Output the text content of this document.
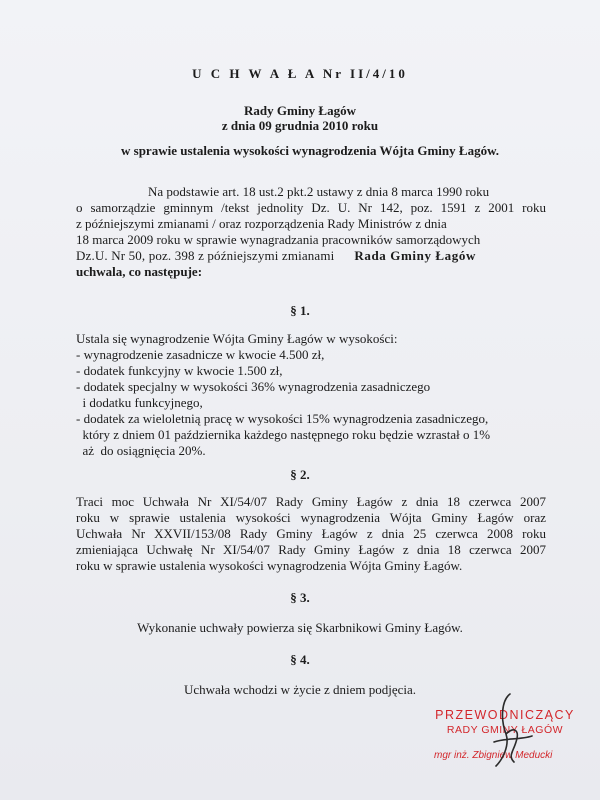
U C H W A Ł A Nr II/4/10
Rady Gminy Łagów
z dnia 09 grudnia 2010 roku
w sprawie ustalenia wysokości wynagrodzenia Wójta Gminy Łagów.
Na podstawie art. 18 ust.2 pkt.2 ustawy z dnia 8 marca 1990 roku
o samorządzie gminnym /tekst jednolity Dz. U. Nr 142, poz. 1591 z 2001 roku
z późniejszymi zmianami / oraz rozporządzenia Rady Ministrów z dnia
18 marca 2009 roku w sprawie wynagradzania pracowników samorządowych
Dz.U. Nr 50, poz. 398 z późniejszymi zmianami Rada Gminy Łagów
uchwala, co następuje:
§ 1.
Ustala się wynagrodzenie Wójta Gminy Łagów w wysokości:
- wynagrodzenie zasadnicze w kwocie 4.500 zł,
- dodatek funkcyjny w kwocie 1.500 zł,
- dodatek specjalny w wysokości 36% wynagrodzenia zasadniczego
i dodatku funkcyjnego,
- dodatek za wieloletnią pracę w wysokości 15% wynagrodzenia zasadniczego,
który z dniem 01 października każdego następnego roku będzie wzrastał o 1%
aż  do osiągnięcia 20%.
§ 2.
Traci moc Uchwała Nr XI/54/07 Rady Gminy Łagów z dnia 18 czerwca 2007
roku w sprawie ustalenia wysokości wynagrodzenia Wójta Gminy Łagów oraz
Uchwała Nr XXVII/153/08 Rady Gminy Łagów z dnia 25 czerwca 2008 roku
zmieniająca Uchwałę Nr XI/54/07 Rady Gminy Łagów z dnia 18 czerwca 2007
roku w sprawie ustalenia wysokości wynagrodzenia Wójta Gminy Łagów.
§ 3.
Wykonanie uchwały powierza się Skarbnikowi Gminy Łagów.
§ 4.
Uchwała wchodzi w życie z dniem podjęcia.
PRZEWODNICZĄCY
RADY GMINY ŁAGÓW
mgr inż. Zbigniew Meducki
